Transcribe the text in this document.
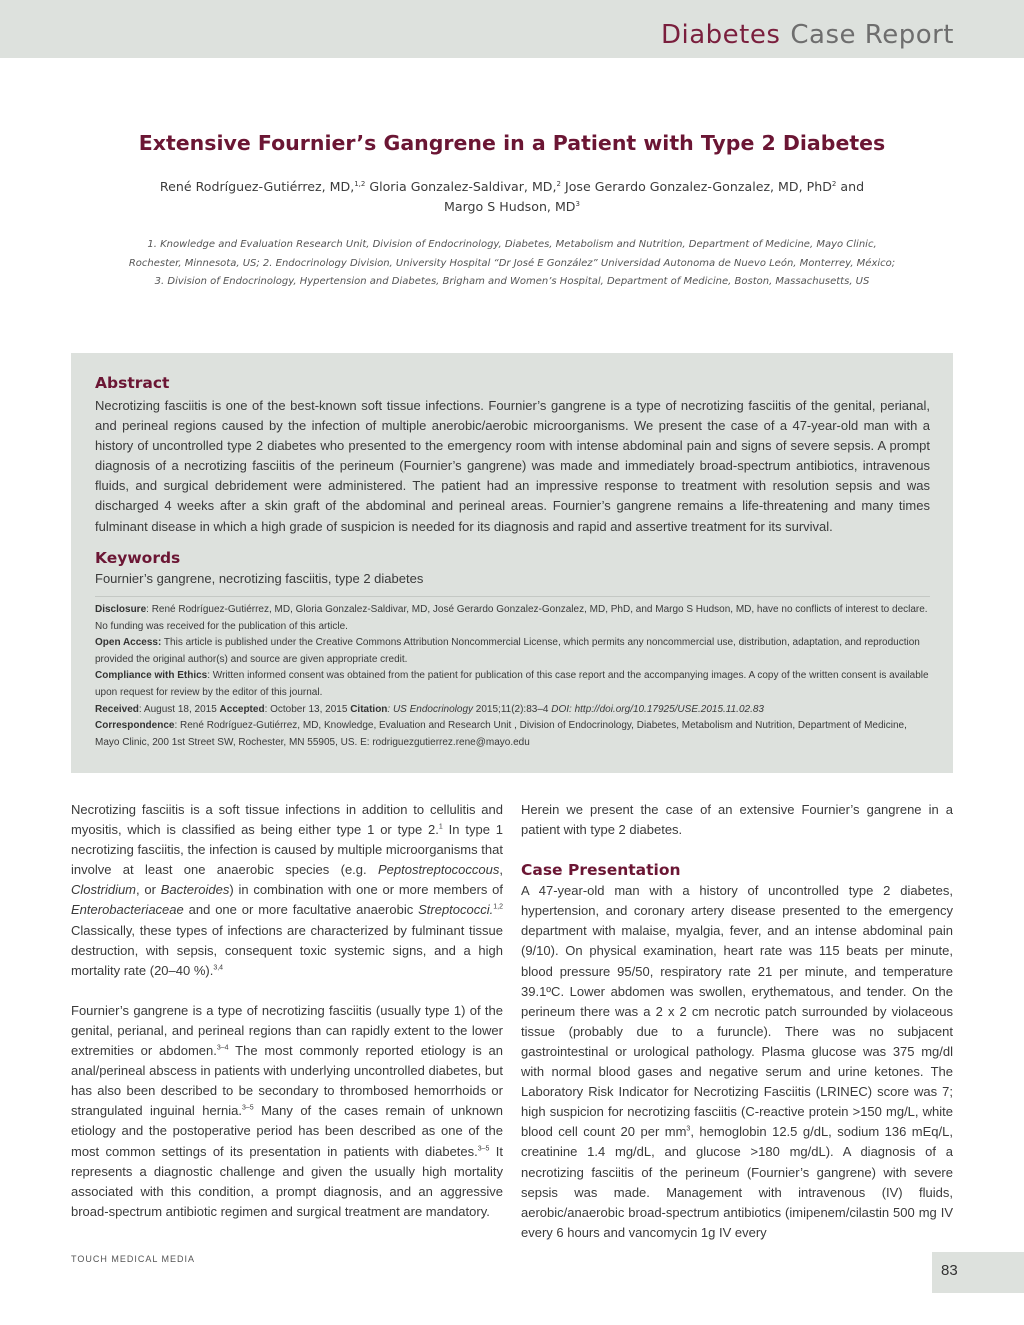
Diabetes Case Report
Extensive Fournier’s Gangrene in a Patient with Type 2 Diabetes
René Rodríguez-Gutiérrez, MD,$^{1,2}$ Gloria Gonzalez-Saldivar, MD,$^2$ Jose Gerardo Gonzalez-Gonzalez, MD, PhD$^2$ and
Margo S Hudson, $MD^3$
1. Knowledge and Evaluation Research Unit, Division of Endocrinology, Diabetes, Metabolism and Nutrition, Department of Medicine, Mayo Clinic,
Rochester, Minnesota, US; 2. Endocrinology Division, University Hospital “Dr José E González” Universidad Autonoma de Nuevo León, Monterrey, México;
3. Division of Endocrinology, Hypertension and Diabetes, Brigham and Women’s Hospital, Department of Medicine, Boston, Massachusetts, US
Abstract
Necrotizing fasciitis is one of the best-known soft tissue infections. Fournier’s gangrene is a type of necrotizing fasciitis of the genital, perianal, and perineal regions caused by the infection of multiple anerobic/aerobic microorganisms. We present the case of a 47-year-old man with a history of uncontrolled type 2 diabetes who presented to the emergency room with intense abdominal pain and signs of severe sepsis. A prompt diagnosis of a necrotizing fasciitis of the perineum (Fournier’s gangrene) was made and immediately broad-spectrum antibiotics, intravenous fluids, and surgical debridement were administered. The patient had an impressive response to treatment with resolution sepsis and was discharged 4 weeks after a skin graft of the abdominal and perineal areas. Fournier’s gangrene remains a life-threatening and many times fulminant disease in which a high grade of suspicion is needed for its diagnosis and rapid and assertive treatment for its survival.
Keywords
Fournier’s gangrene, necrotizing fasciitis, type 2 diabetes
Disclosure: René Rodríguez-Gutiérrez, MD, Gloria Gonzalez-Saldivar, MD, José Gerardo Gonzalez-Gonzalez, MD, PhD, and Margo S Hudson, MD, have no conflicts of interest to declare. No funding was received for the publication of this article.
Open Access: This article is published under the Creative Commons Attribution Noncommercial License, which permits any noncommercial use, distribution, adaptation, and reproduction provided the original author(s) and source are given appropriate credit.
Compliance with Ethics: Written informed consent was obtained from the patient for publication of this case report and the accompanying images. A copy of the written consent is available upon request for review by the editor of this journal.
Received: August 18, 2015 Accepted: October 13, 2015 Citation: US Endocrinology 2015;11(2):83–4 DOI: http://doi.org/10.17925/USE.2015.11.02.83
Correspondence: René Rodríguez-Gutiérrez, MD, Knowledge, Evaluation and Research Unit , Division of Endocrinology, Diabetes, Metabolism and Nutrition, Department of Medicine, Mayo Clinic, 200 1st Street SW, Rochester, MN 55905, US. E: rodriguezgutierrez.rene@mayo.edu

Necrotizing fasciitis is a soft tissue infections in addition to cellulitis and myositis, which is classified as being either type 1 or type 2.$^1$ In type 1 necrotizing fasciitis, the infection is caused by multiple microorganisms that involve at least one anaerobic species (e.g. Peptostreptococcous, Clostridium, or Bacteroides) in combination with one or more members of Enterobacteriaceae and one or more facultative anaerobic Streptococci.$^{1,2}$ Classically, these types of infections are characterized by fulminant tissue destruction, with sepsis, consequent toxic systemic signs, and a high mortality rate (20–40 %).$^{3,4}$

Fournier’s gangrene is a type of necrotizing fasciitis (usually type 1) of the genital, perianal, and perineal regions than can rapidly extent to the lower extremities or abdomen.$^{3-4}$ The most commonly reported etiology is an anal/perineal abscess in patients with underlying uncontrolled diabetes, but has also been described to be secondary to thrombosed hemorrhoids or strangulated inguinal hernia.$^{3-5}$ Many of the cases remain of unknown etiology and the postoperative period has been described as one of the most common settings of its presentation in patients with diabetes.$^{3-5}$ It represents a diagnostic challenge and given the usually high mortality associated with this condition, a prompt diagnosis, and an aggressive broad-spectrum antibiotic regimen and surgical treatment are mandatory.

Herein we present the case of an extensive Fournier’s gangrene in a patient with type 2 diabetes.

Case Presentation

A 47-year-old man with a history of uncontrolled type 2 diabetes, hypertension, and coronary artery disease presented to the emergency department with malaise, myalgia, fever, and an intense abdominal pain (9/10). On physical examination, heart rate was 115 beats per minute, blood pressure 95/50, respiratory rate 21 per minute, and temperature 39.1ºC. Lower abdomen was swollen, erythematous, and tender. On the perineum there was a 2 x 2 cm necrotic patch surrounded by violaceous tissue (probably due to a furuncle). There was no subjacent gastrointestinal or urological pathology. Plasma glucose was 375 mg/dl with normal blood gases and negative serum and urine ketones. The Laboratory Risk Indicator for Necrotizing Fasciitis (LRINEC) score was 7; high suspicion for necrotizing fasciitis (C-reactive protein >150 mg/L, white blood cell count 20 per $mm^3$, hemoglobin 12.5 g/dL, sodium 136 mEq/L, creatinine 1.4 mg/dL, and glucose >180 mg/dL). A diagnosis of a necrotizing fasciitis of the perineum (Fournier’s gangrene) with severe sepsis was made. Management with intravenous (IV) fluids, aerobic/anaerobic broad-spectrum antibiotics (imipenem/cilastin 500 mg IV every 6 hours and vancomycin 1g IV every

TOUCH MEDICAL MEDIA
83
